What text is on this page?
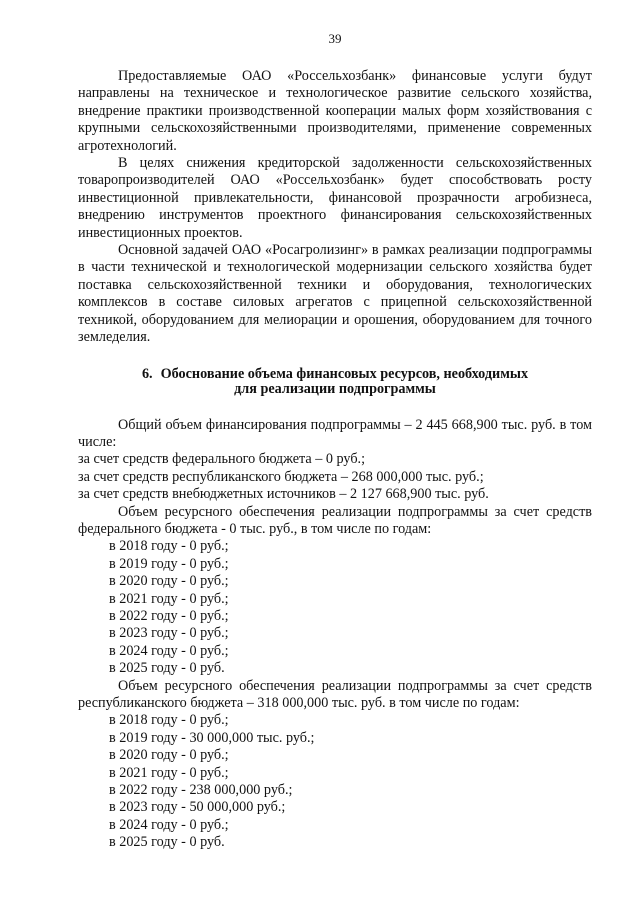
39

Предоставляемые ОАО «Россельхозбанк» финансовые услуги будут направлены на техническое и технологическое развитие сельского хозяйства, внедрение практики производственной кооперации малых форм хозяйствования с крупными сельскохозяйственными производителями, применение современных агротехнологий.

В целях снижения кредиторской задолженности сельскохозяйственных товаропроизводителей ОАО «Россельхозбанк» будет способствовать росту инвестиционной привлекательности, финансовой прозрачности агробизнеса, внедрению инструментов проектного финансирования сельскохозяйственных инвестиционных проектов.

Основной задачей ОАО «Росагролизинг» в рамках реализации подпрограммы в части технической и технологической модернизации сельского хозяйства будет поставка сельскохозяйственной техники и оборудования, технологических комплексов в составе силовых агрегатов с прицепной сельскохозяйственной техникой, оборудованием для мелиорации и орошения, оборудованием для точного земледелия.

6. Обоснование объема финансовых ресурсов, необходимых
для реализации подпрограммы

Общий объем финансирования подпрограммы – 2 445 668,900 тыс. руб. в том числе:

за счет средств федерального бюджета – 0 руб.;

за счет средств республиканского бюджета – 268 000,000 тыс. руб.;

за счет средств внебюджетных источников – 2 127 668,900 тыс. руб.

Объем ресурсного обеспечения реализации подпрограммы за счет средств федерального бюджета - 0 тыс. руб., в том числе по годам:

в 2018 году - 0 руб.;
в 2019 году - 0 руб.;
в 2020 году - 0 руб.;
в 2021 году - 0 руб.;
в 2022 году - 0 руб.;
в 2023 году - 0 руб.;
в 2024 году - 0 руб.;
в 2025 году - 0 руб.

Объем ресурсного обеспечения реализации подпрограммы за счет средств республиканского бюджета – 318 000,000 тыс. руб. в том числе по годам:

в 2018 году - 0 руб.;
в 2019 году - 30 000,000 тыс. руб.;
в 2020 году - 0 руб.;
в 2021 году - 0 руб.;
в 2022 году - 238 000,000 руб.;
в 2023 году - 50 000,000 руб.;
в 2024 году - 0 руб.;
в 2025 году - 0 руб.
